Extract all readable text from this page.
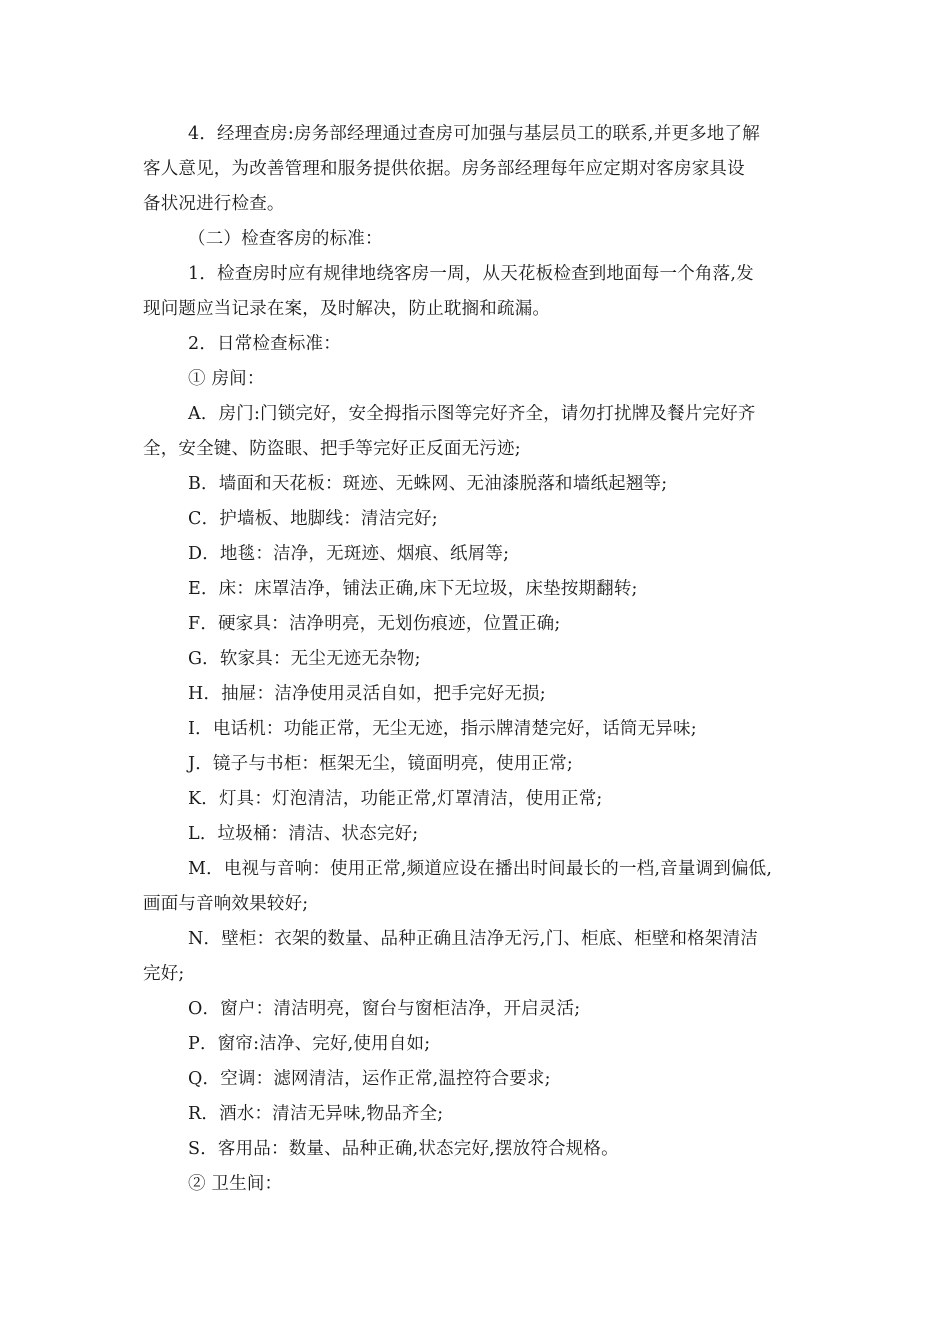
4．经理查房:房务部经理通过查房可加强与基层员工的联系,并更多地了解
客人意见，为改善管理和服务提供依据。房务部经理每年应定期对客房家具设
备状况进行检查。
（二）检查客房的标准：
1．检查房时应有规律地绕客房一周，从天花板检查到地面每一个角落,发
现问题应当记录在案，及时解决，防止耽搁和疏漏。
2．日常检查标准：
① 房间：
A．房门:门锁完好，安全拇指示图等完好齐全，请勿打扰牌及餐片完好齐
全，安全键、防盗眼、把手等完好正反面无污迹;
B．墙面和天花板：斑迹、无蛛网、无油漆脱落和墙纸起翘等;
C．护墙板、地脚线：清洁完好;
D．地毯：洁净，无斑迹、烟痕、纸屑等;
E．床：床罩洁净，铺法正确,床下无垃圾，床垫按期翻转;
F．硬家具：洁净明亮，无划伤痕迹，位置正确;
G．软家具：无尘无迹无杂物;
H．抽屉：洁净使用灵活自如，把手完好无损;
I．电话机：功能正常，无尘无迹，指示牌清楚完好，话筒无异味;
J．镜子与书柜：框架无尘，镜面明亮，使用正常;
K．灯具：灯泡清洁，功能正常,灯罩清洁，使用正常;
L．垃圾桶：清洁、状态完好;
M．电视与音响：使用正常,频道应设在播出时间最长的一档,音量调到偏低,
画面与音响效果较好;
N．壁柜：衣架的数量、品种正确且洁净无污,门、柜底、柜壁和格架清洁
完好;
O．窗户：清洁明亮，窗台与窗柜洁净，开启灵活;
P．窗帘:洁净、完好,使用自如;
Q．空调：滤网清洁，运作正常,温控符合要求;
R．酒水：清洁无异味,物品齐全;
S．客用品：数量、品种正确,状态完好,摆放符合规格。
② 卫生间：
